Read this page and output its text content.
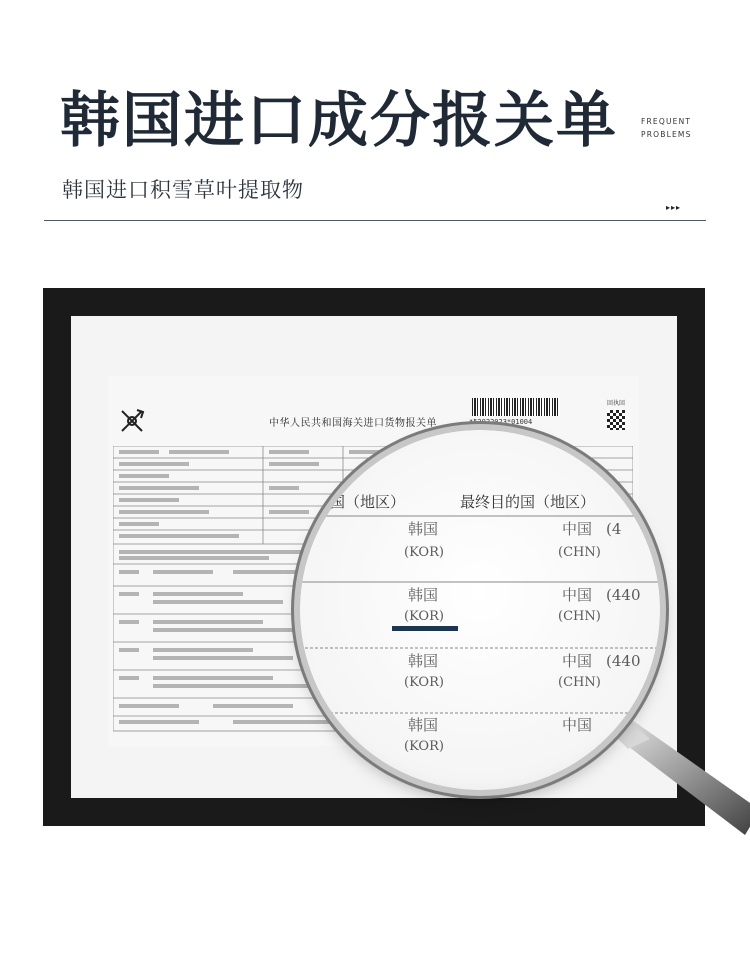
韩国进口成分报关单
韩国进口积雪草叶提取物
FREQUENT
PROBLEMS
▸▸▸
中华人民共和国海关进口货物报关单	*52022023*01004
回执回
国（地区）	最终目的国（地区）
韩国
(KOR)
中国
(CHN)
(4
韩国
(KOR)
中国
(CHN)
(440
韩国
(KOR)
中国
(CHN)
(440
韩国
(KOR)
中国
